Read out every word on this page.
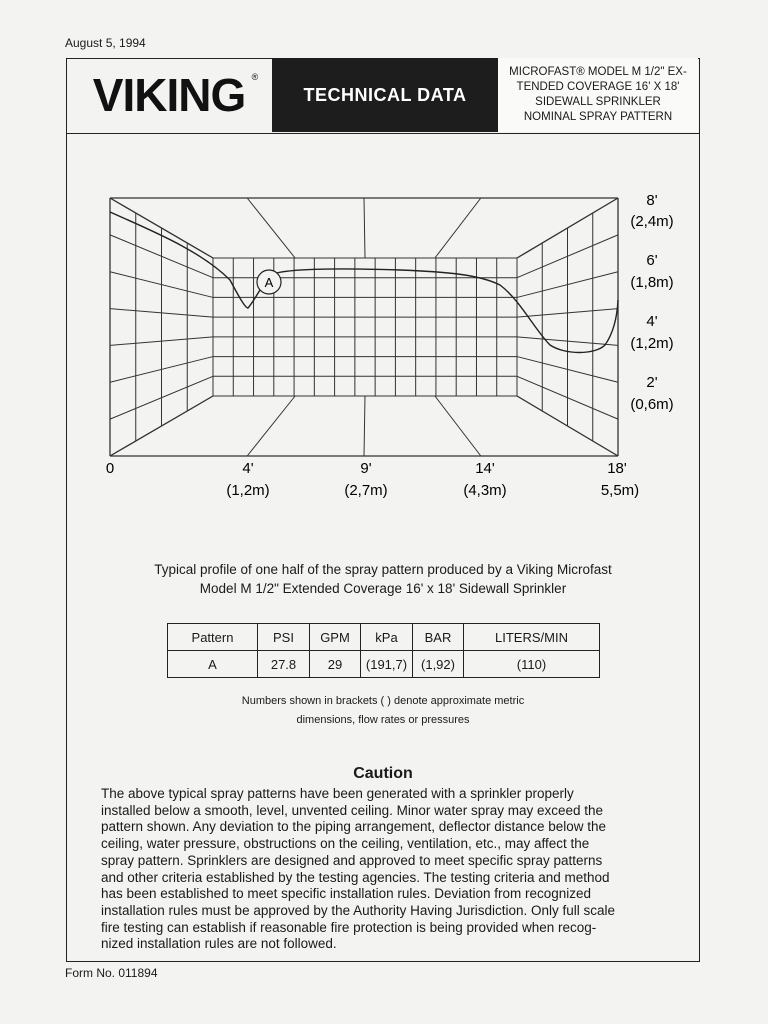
August 5, 1994
VIKING ®
TECHNICAL DATA
MICROFAST® MODEL M 1/2" EX-
TENDED COVERAGE 16' X 18'
SIDEWALL SPRINKLER
NOMINAL SPRAY PATTERN
A
0	4'
(1,2m)
9'
(2,7m)
14'
(4,3m)
18'
5,5m)
8'
(2,4m)
6'
(1,8m)
4'
(1,2m)
2'
(0,6m)
Typical profile of one half of the spray pattern produced by a Viking Microfast
Model M 1/2" Extended Coverage 16' x 18' Sidewall Sprinkler
Pattern	PSI	GPM	kPa	BAR	LITERS/MIN
A	27.8	29	(191,7)	(1,92)	(110)
Numbers shown in brackets ( ) denote approximate metric
dimensions, flow rates or pressures
Caution
The above typical spray patterns have been generated with a sprinkler properly
installed below a smooth, level, unvented ceiling. Minor water spray may exceed the
pattern shown. Any deviation to the piping arrangement, deflector distance below the
ceiling, water pressure, obstructions on the ceiling, ventilation, etc., may affect the
spray pattern. Sprinklers are designed and approved to meet specific spray patterns
and other criteria established by the testing agencies. The testing criteria and method
has been established to meet specific installation rules. Deviation from recognized
installation rules must be approved by the Authority Having Jurisdiction. Only full scale
fire testing can establish if reasonable fire protection is being provided when recog-
nized installation rules are not followed.
Form No. 011894
